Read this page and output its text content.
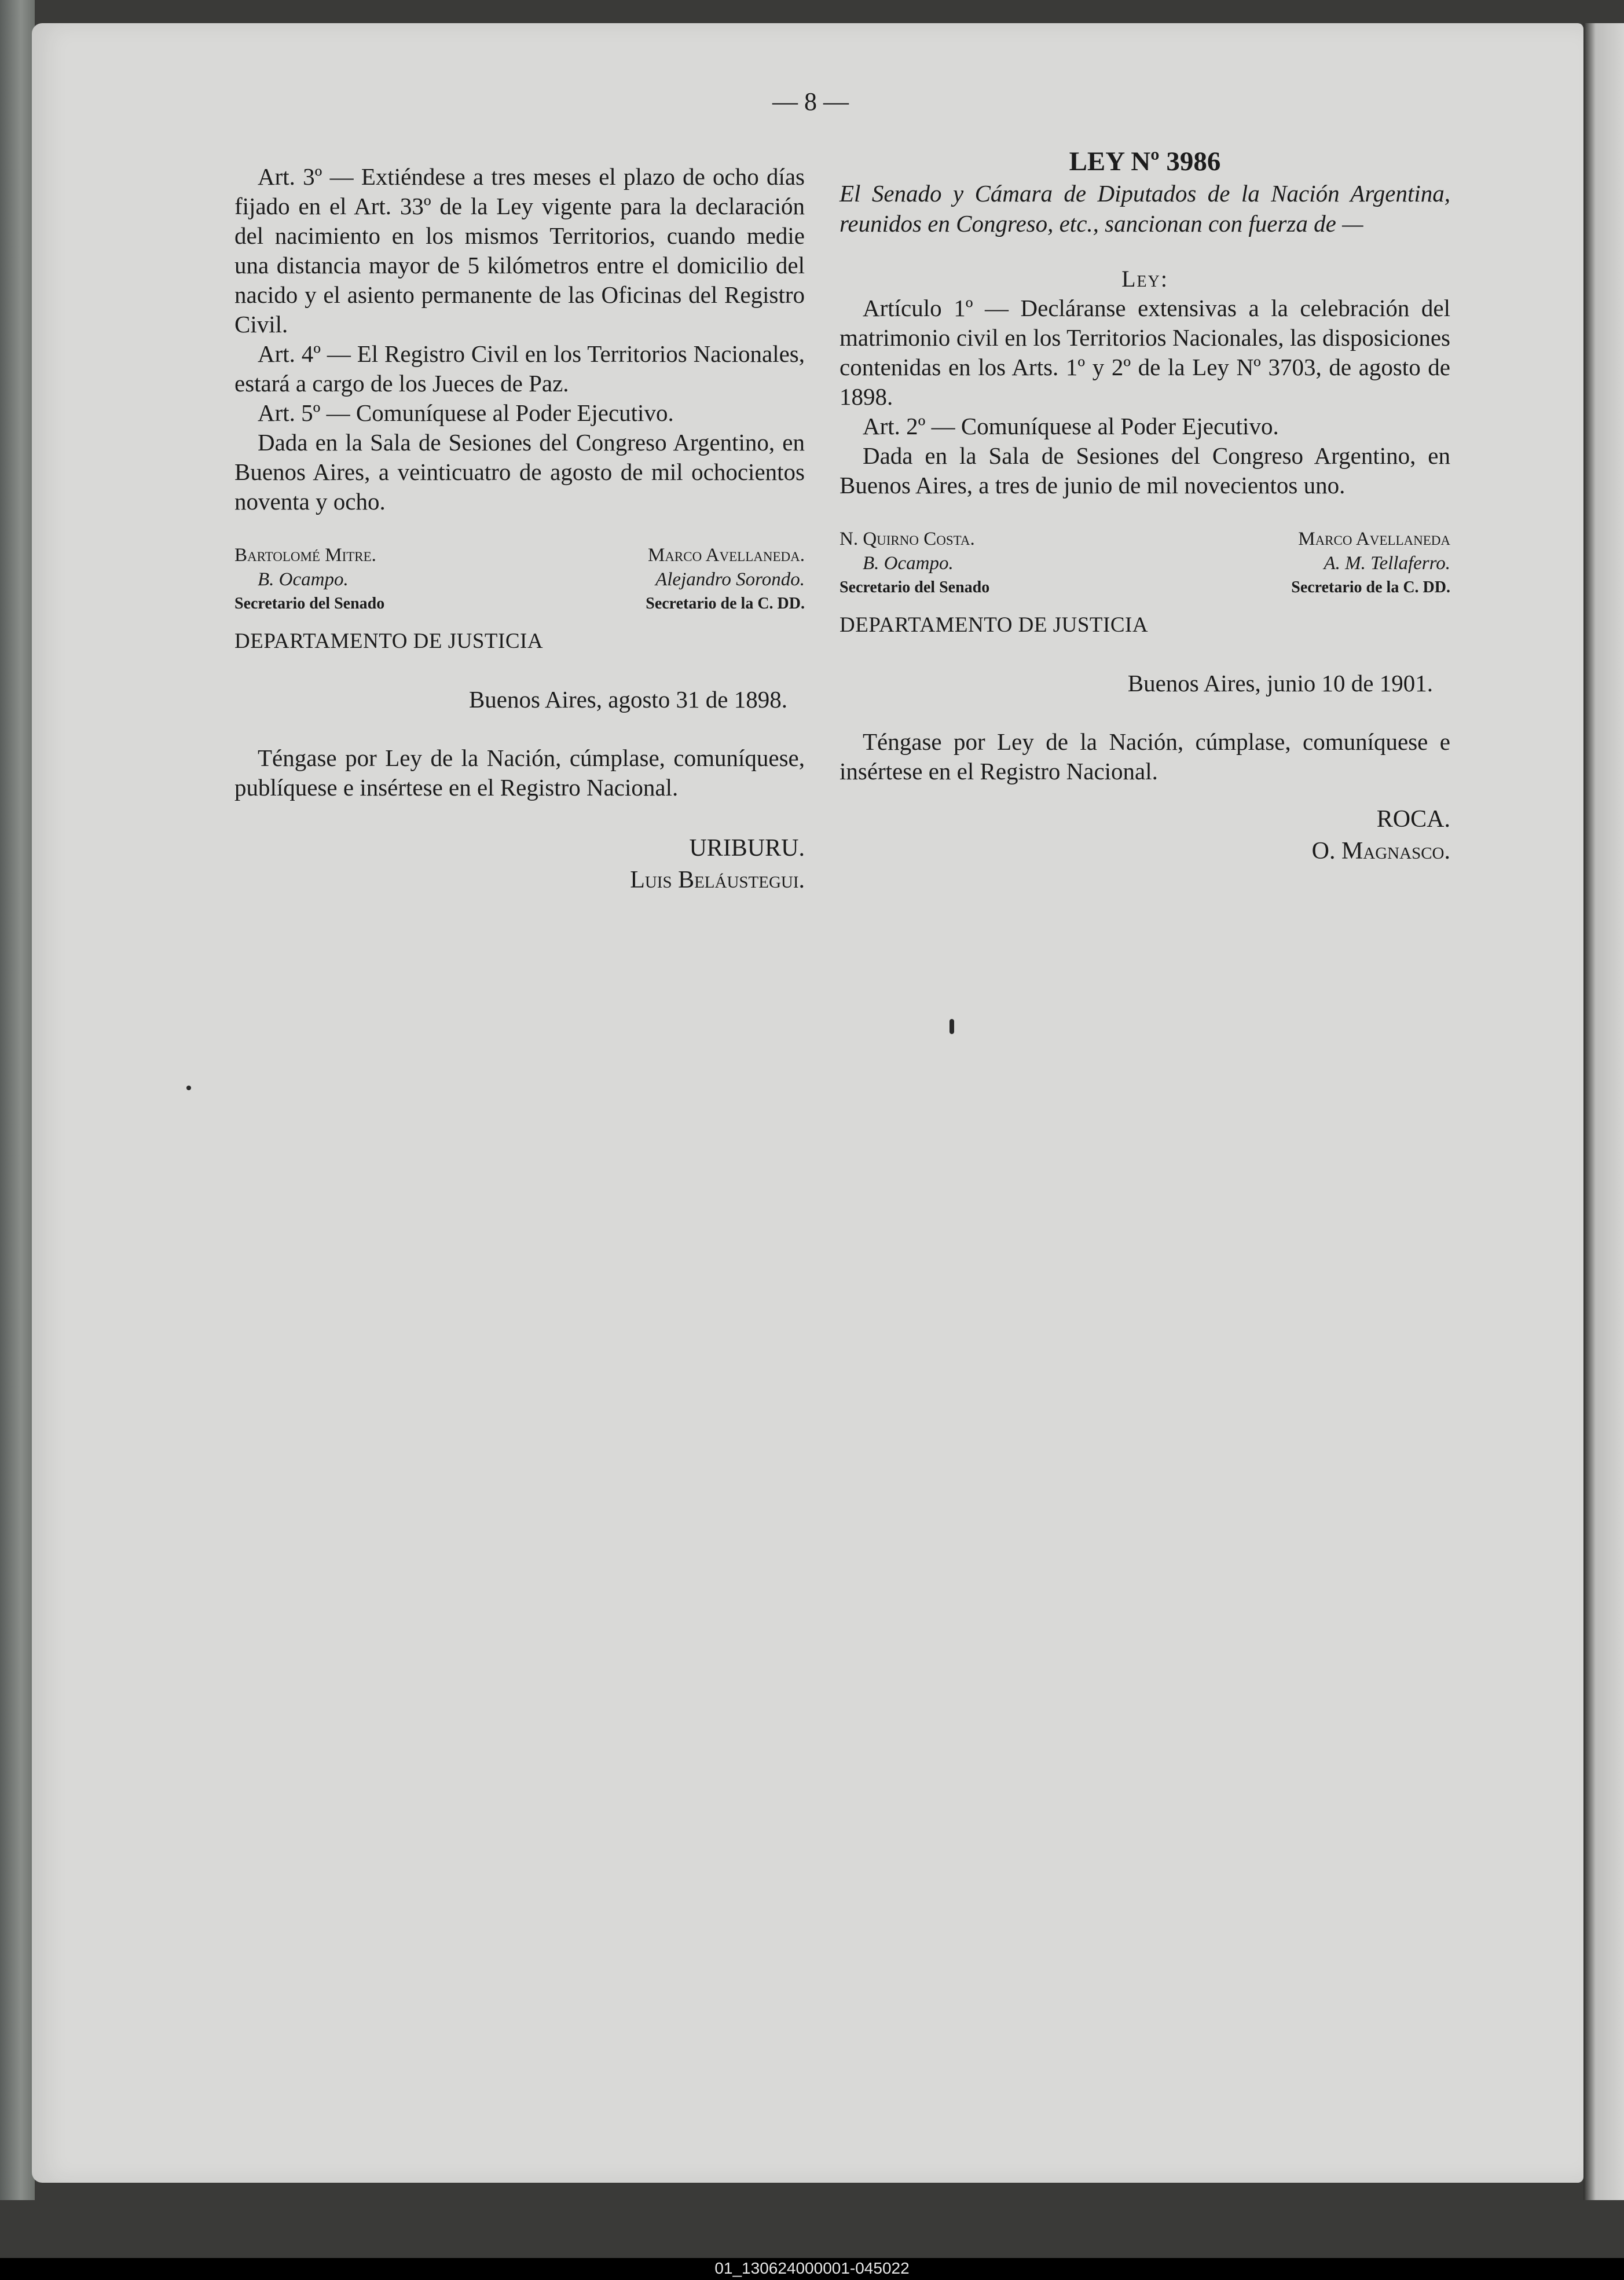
— 8 —

Art. 3º — Extiéndese a tres meses el plazo de ocho días fijado en el Art. 33º de la Ley vigente para la declaración del nacimiento en los mismos Territorios, cuando medie una distancia mayor de 5 kilómetros entre el domicilio del nacido y el asiento permanente de las Oficinas del Registro Civil.

Art. 4º — El Registro Civil en los Territorios Nacionales, estará a cargo de los Jueces de Paz.

Art. 5º — Comuníquese al Poder Ejecutivo.

Dada en la Sala de Sesiones del Congreso Argentino, en Buenos Aires, a veinticuatro de agosto de mil ochocientos noventa y ocho.

Bartolomé Mitre.
B. Ocampo.
Secretario del Senado
Marco Avellaneda.
Alejandro Sorondo.
Secretario de la C. DD.
DEPARTAMENTO DE JUSTICIA
Buenos Aires, agosto 31 de 1898.

Téngase por Ley de la Nación, cúmplase, comuníquese, publíquese e insértese en el Registro Nacional.

URIBURU.
Luis Beláustegui.
LEY Nº 3986
El Senado y Cámara de Diputados de la Nación Argentina, reunidos en Congreso, etc., sancionan con fuerza de —
Ley:

Artículo 1º — Decláranse extensivas a la celebración del matrimonio civil en los Territorios Nacionales, las disposiciones contenidas en los Arts. 1º y 2º de la Ley Nº 3703, de agosto de 1898.

Art. 2º — Comuníquese al Poder Ejecutivo.

Dada en la Sala de Sesiones del Congreso Argentino, en Buenos Aires, a tres de junio de mil novecientos uno.

N. Quirno Costa.
B. Ocampo.
Secretario del Senado
Marco Avellaneda
A. M. Tellaferro.
Secretario de la C. DD.
DEPARTAMENTO DE JUSTICIA
Buenos Aires, junio 10 de 1901.

Téngase por Ley de la Nación, cúmplase, comuníquese e insértese en el Registro Nacional.

ROCA.
O. Magnasco.
01_130624000001-045022
